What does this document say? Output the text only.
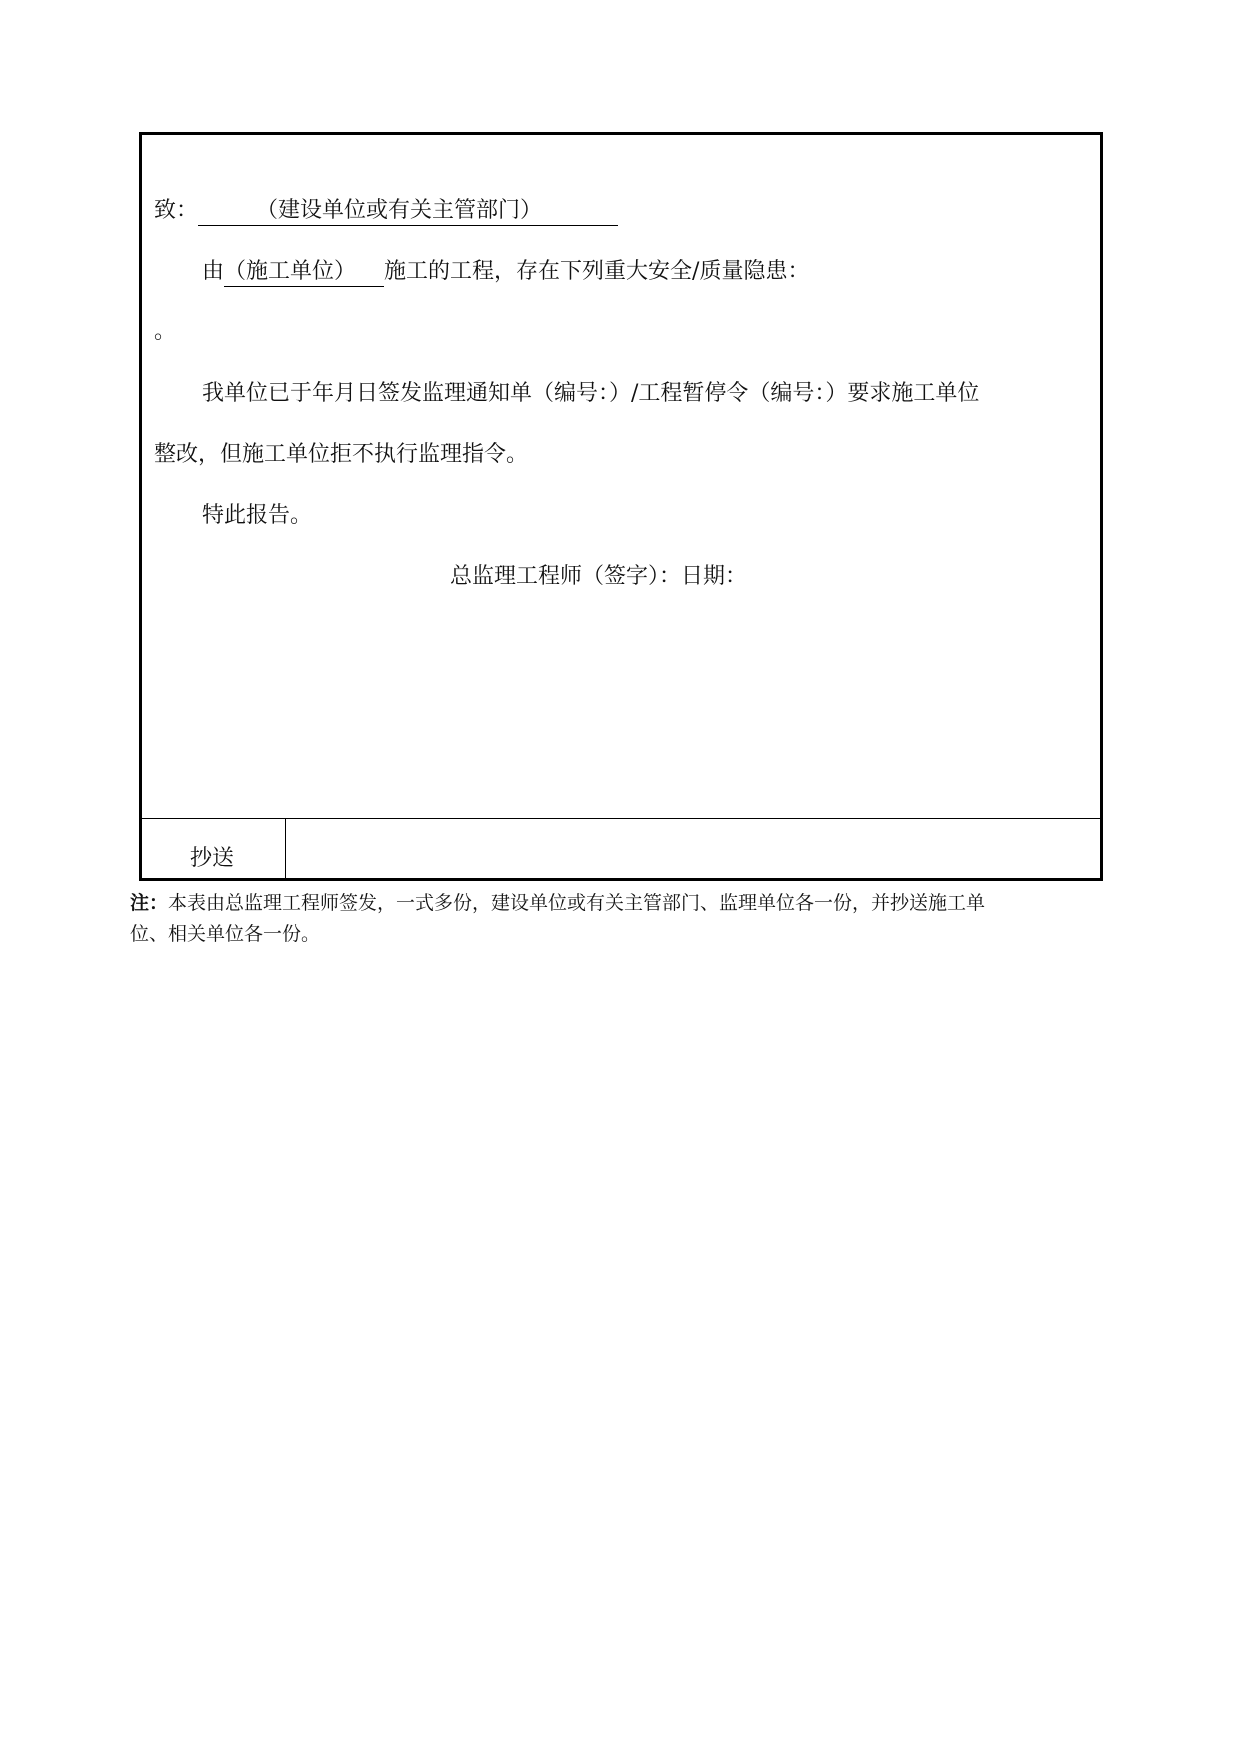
致：	（建设单位或有关主管部门）
由（施工单位） 施工的工程，存在下列重大安全/质量隐患：
。
我单位已于年月日签发监理通知单（编号：）/工程暂停令（编号：）要求施工单位
整改，但施工单位拒不执行监理指令。
特此报告。
总监理工程师（签字）：日期：
抄送
注：本表由总监理工程师签发，一式多份，建设单位或有关主管部门、监理单位各一份，并抄送施工单
位、相关单位各一份。
